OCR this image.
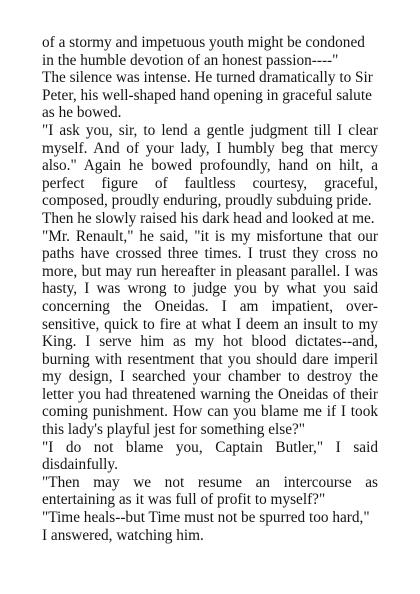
of a stormy and impetuous youth might be condoned in the humble devotion of an honest passion----"

The silence was intense. He turned dramatically to Sir Peter, his well-shaped hand opening in graceful salute as he bowed.

"I ask you, sir, to lend a gentle judgment till I clear myself. And of your lady, I humbly beg that mercy also." Again he bowed profoundly, hand on hilt, a perfect figure of faultless courtesy, graceful, composed, proudly enduring, proudly subduing pride.

Then he slowly raised his dark head and looked at me.

"Mr. Renault," he said, "it is my misfortune that our paths have crossed three times. I trust they cross no more, but may run hereafter in pleasant parallel. I was hasty, I was wrong to judge you by what you said concerning the Oneidas. I am impatient, over-sensitive, quick to fire at what I deem an insult to my King. I serve him as my hot blood dictates--and, burning with resentment that you should dare imperil my design, I searched your chamber to destroy the letter you had threatened warning the Oneidas of their coming punishment. How can you blame me if I took this lady's playful jest for something else?"

"I do not blame you, Captain Butler," I said disdainfully.

"Then may we not resume an intercourse as entertaining as it was full of profit to myself?"

"Time heals--but Time must not be spurred too hard," I answered, watching him.
